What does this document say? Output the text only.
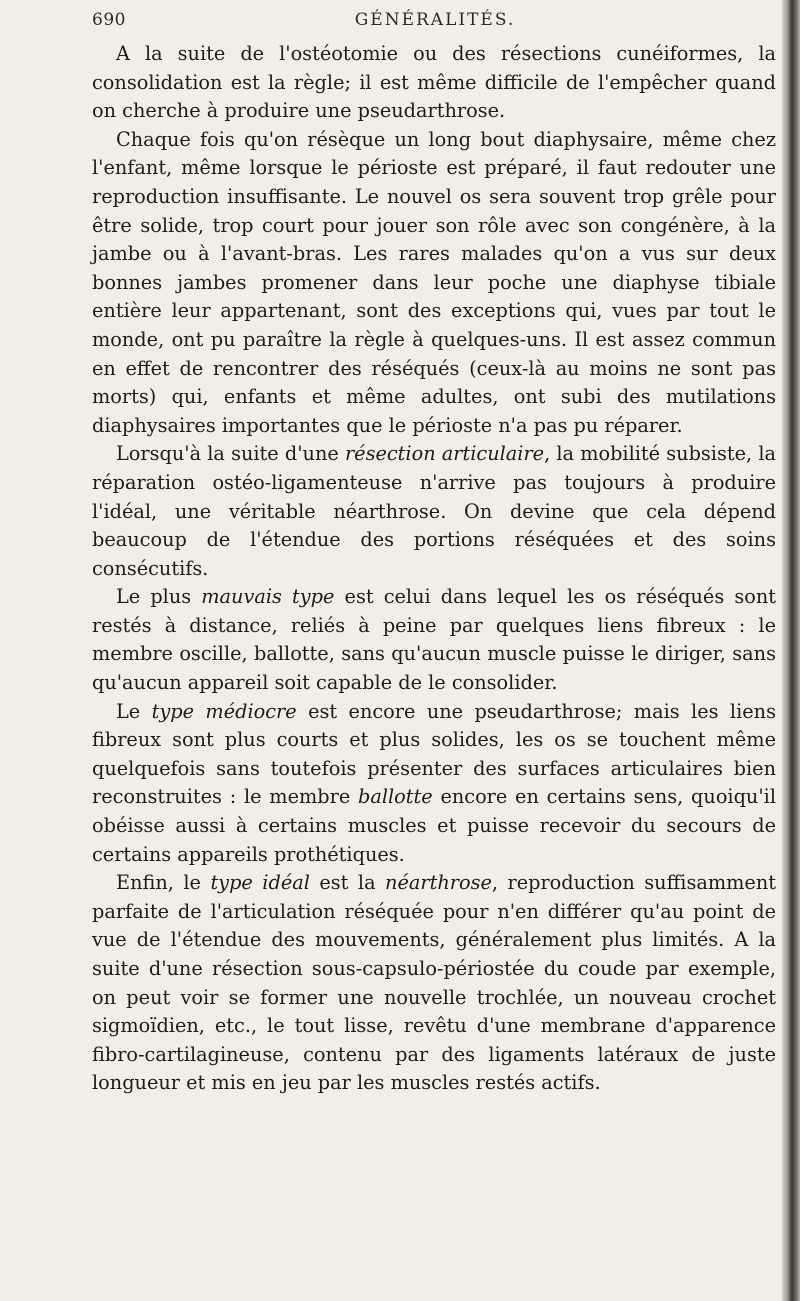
690	GÉNÉRALITÉS.

A la suite de l'ostéotomie ou des résections cunéiformes, la consolidation est la règle; il est même difficile de l'empêcher quand on cherche à produire une pseudarthrose.

Chaque fois qu'on résèque un long bout diaphysaire, même chez l'enfant, même lorsque le périoste est préparé, il faut redouter une reproduction insuffisante. Le nouvel os sera souvent trop grêle pour être solide, trop court pour jouer son rôle avec son congénère, à la jambe ou à l'avant-bras. Les rares malades qu'on a vus sur deux bonnes jambes promener dans leur poche une diaphyse tibiale entière leur appartenant, sont des exceptions qui, vues par tout le monde, ont pu paraître la règle à quelques-uns. Il est assez commun en effet de rencontrer des réséqués (ceux-là au moins ne sont pas morts) qui, enfants et même adultes, ont subi des mutilations diaphysaires importantes que le périoste n'a pas pu réparer.

Lorsqu'à la suite d'une résection articulaire, la mobilité subsiste, la réparation ostéo-ligamenteuse n'arrive pas toujours à produire l'idéal, une véritable néarthrose. On devine que cela dépend beaucoup de l'étendue des portions réséquées et des soins consécutifs.

Le plus mauvais type est celui dans lequel les os réséqués sont restés à distance, reliés à peine par quelques liens fibreux : le membre oscille, ballotte, sans qu'aucun muscle puisse le diriger, sans qu'aucun appareil soit capable de le consolider.

Le type médiocre est encore une pseudarthrose; mais les liens fibreux sont plus courts et plus solides, les os se touchent même quelquefois sans toutefois présenter des surfaces articulaires bien reconstruites : le membre ballotte encore en certains sens, quoiqu'il obéisse aussi à certains muscles et puisse recevoir du secours de certains appareils prothétiques.

Enfin, le type idéal est la néarthrose, reproduction suffisamment parfaite de l'articulation réséquée pour n'en différer qu'au point de vue de l'étendue des mouvements, généralement plus limités. A la suite d'une résection sous-capsulo-périostée du coude par exemple, on peut voir se former une nouvelle trochlée, un nouveau crochet sigmoïdien, etc., le tout lisse, revêtu d'une membrane d'apparence fibro-cartilagineuse, contenu par des ligaments latéraux de juste longueur et mis en jeu par les muscles restés actifs.
